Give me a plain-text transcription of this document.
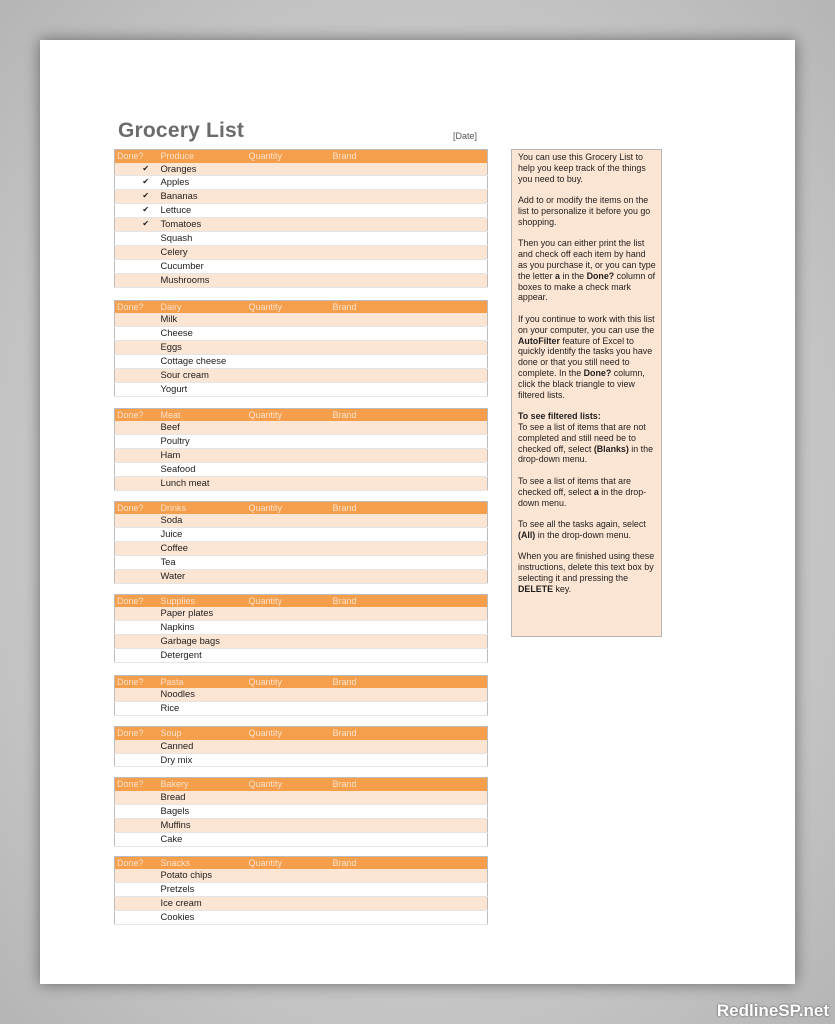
Grocery List	[Date]
Done?	Produce	Quantity	Brand
✔	Oranges		
✔	Apples		
✔	Bananas		
✔	Lettuce		
✔	Tomatoes		
	Squash		
	Celery		
	Cucumber		
	Mushrooms		
Done?	Dairy	Quantity	Brand
	Milk		
	Cheese		
	Eggs		
	Cottage cheese		
	Sour cream		
	Yogurt		
Done?	Meat	Quantity	Brand
	Beef		
	Poultry		
	Ham		
	Seafood		
	Lunch meat		
Done?	Drinks	Quantity	Brand
	Soda		
	Juice		
	Coffee		
	Tea		
	Water		
Done?	Supplies	Quantity	Brand
	Paper plates		
	Napkins		
	Garbage bags		
	Detergent		
Done?	Pasta	Quantity	Brand
	Noodles		
	Rice		
Done?	Soup	Quantity	Brand
	Canned		
	Dry mix		
Done?	Bakery	Quantity	Brand
	Bread		
	Bagels		
	Muffins		
	Cake		
Done?	Snacks	Quantity	Brand
	Potato chips		
	Pretzels		
	Ice cream		
	Cookies		

You can use this Grocery List to help you keep track of the things you need to buy.

Add to or modify the items on the list to personalize it before you go shopping.

Then you can either print the list and check off each item by hand as you purchase it, or you can type the letter a in the Done? column of boxes to make a check mark appear.

If you continue to work with this list on your computer, you can use the AutoFilter feature of Excel to quickly identify the tasks you have done or that you still need to complete. In the Done? column, click the black triangle to view filtered lists.

To see filtered lists:
To see a list of items that are not completed and still need be to checked off, select (Blanks) in the drop-down menu.

To see a list of items that are checked off, select a in the drop-down menu.

To see all the tasks again, select (All) in the drop-down menu.

When you are finished using these instructions, delete this text box by selecting it and pressing the DELETE key.

RedlineSP.net
